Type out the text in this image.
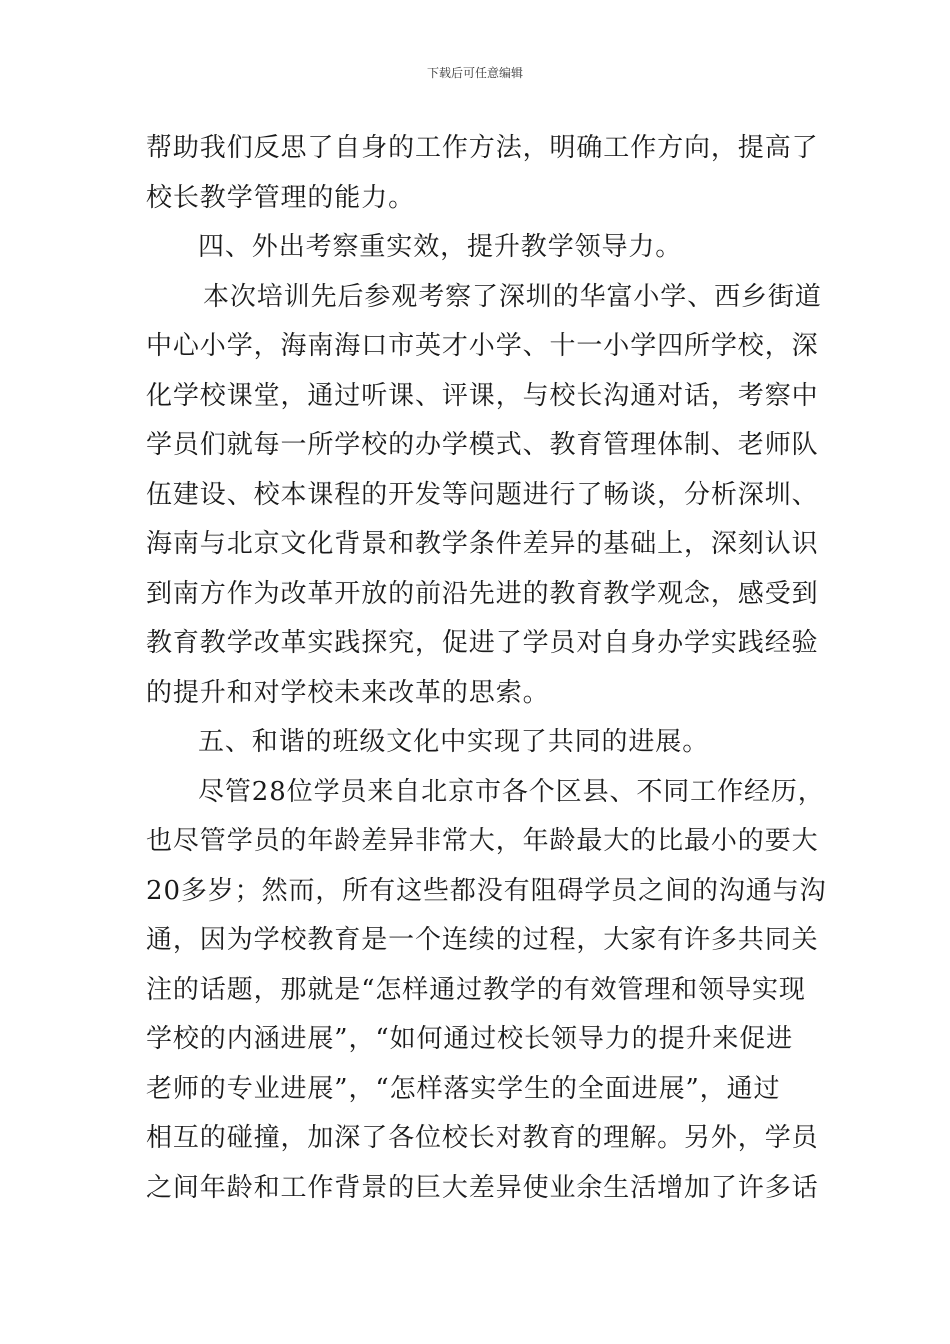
下载后可任意编辑
帮助我们反思了自身的工作方法，明确工作方向，提高了
校长教学管理的能力。
四、外出考察重实效，提升教学领导力。
本次培训先后参观考察了深圳的华富小学、西乡街道
中心小学，海南海口市英才小学、十一小学四所学校，深
化学校课堂，通过听课、评课，与校长沟通对话，考察中
学员们就每一所学校的办学模式、教育管理体制、老师队
伍建设、校本课程的开发等问题进行了畅谈，分析深圳、
海南与北京文化背景和教学条件差异的基础上，深刻认识
到南方作为改革开放的前沿先进的教育教学观念，感受到
教育教学改革实践探究，促进了学员对自身办学实践经验
的提升和对学校未来改革的思索。
五、和谐的班级文化中实现了共同的进展。
尽管28位学员来自北京市各个区县、不同工作经历，
也尽管学员的年龄差异非常大，年龄最大的比最小的要大
20多岁；然而，所有这些都没有阻碍学员之间的沟通与沟
通，因为学校教育是一个连续的过程，大家有许多共同关
注的话题，那就是“怎样通过教学的有效管理和领导实现
学校的内涵进展”，“如何通过校长领导力的提升来促进
老师的专业进展”，“怎样落实学生的全面进展”，通过
相互的碰撞，加深了各位校长对教育的理解。另外，学员
之间年龄和工作背景的巨大差异使业余生活增加了许多话
